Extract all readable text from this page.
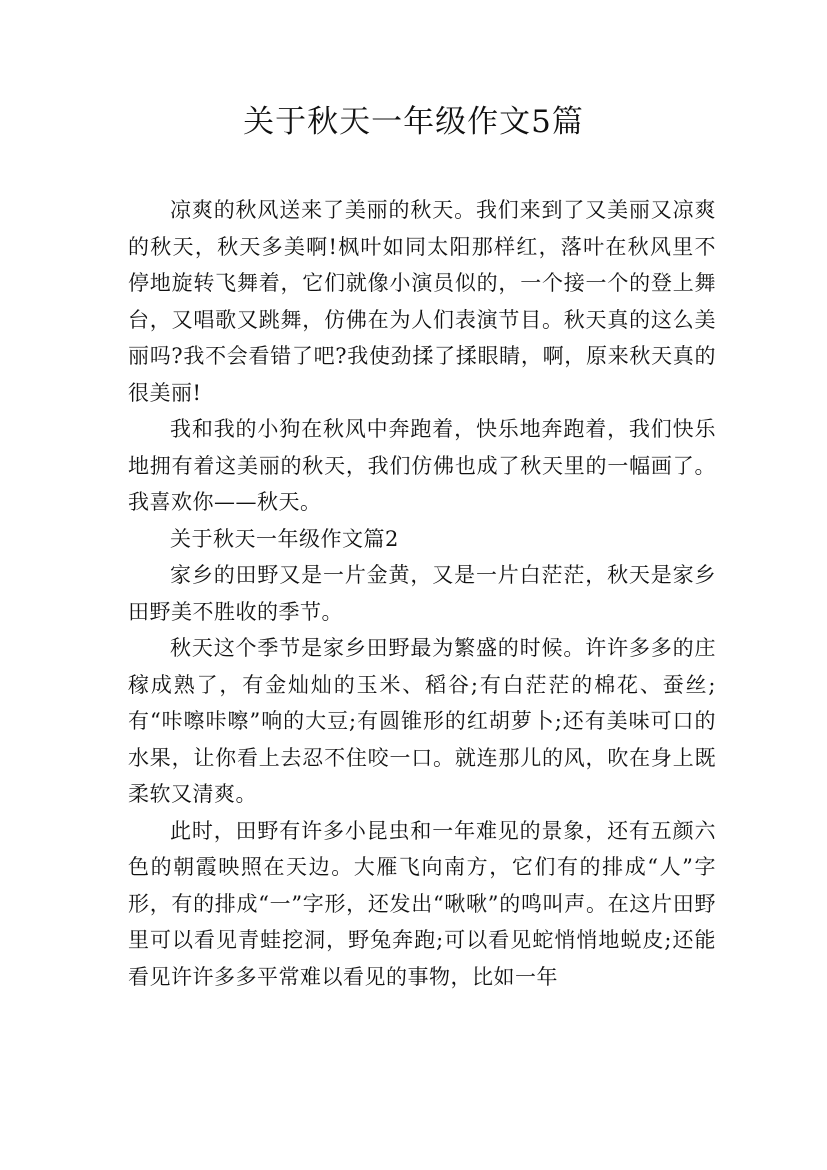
关于秋天一年级作文5篇

凉爽的秋风送来了美丽的秋天。我们来到了又美丽又凉爽的秋天，秋天多美啊!枫叶如同太阳那样红，落叶在秋风里不停地旋转飞舞着，它们就像小演员似的，一个接一个的登上舞台，又唱歌又跳舞，仿佛在为人们表演节目。秋天真的这么美丽吗?我不会看错了吧?我使劲揉了揉眼睛，啊，原来秋天真的很美丽!

我和我的小狗在秋风中奔跑着，快乐地奔跑着，我们快乐地拥有着这美丽的秋天，我们仿佛也成了秋天里的一幅画了。我喜欢你——秋天。

关于秋天一年级作文篇2

家乡的田野又是一片金黄，又是一片白茫茫，秋天是家乡田野美不胜收的季节。

秋天这个季节是家乡田野最为繁盛的时候。许许多多的庄稼成熟了，有金灿灿的玉米、稻谷;有白茫茫的棉花、蚕丝;有“咔嚓咔嚓”响的大豆;有圆锥形的红胡萝卜;还有美味可口的水果，让你看上去忍不住咬一口。就连那儿的风，吹在身上既柔软又清爽。

此时，田野有许多小昆虫和一年难见的景象，还有五颜六色的朝霞映照在天边。大雁飞向南方，它们有的排成“人”字形，有的排成“一”字形，还发出“啾啾”的鸣叫声。在这片田野里可以看见青蛙挖洞，野兔奔跑;可以看见蛇悄悄地蜕皮;还能看见许许多多平常难以看见的事物，比如一年
